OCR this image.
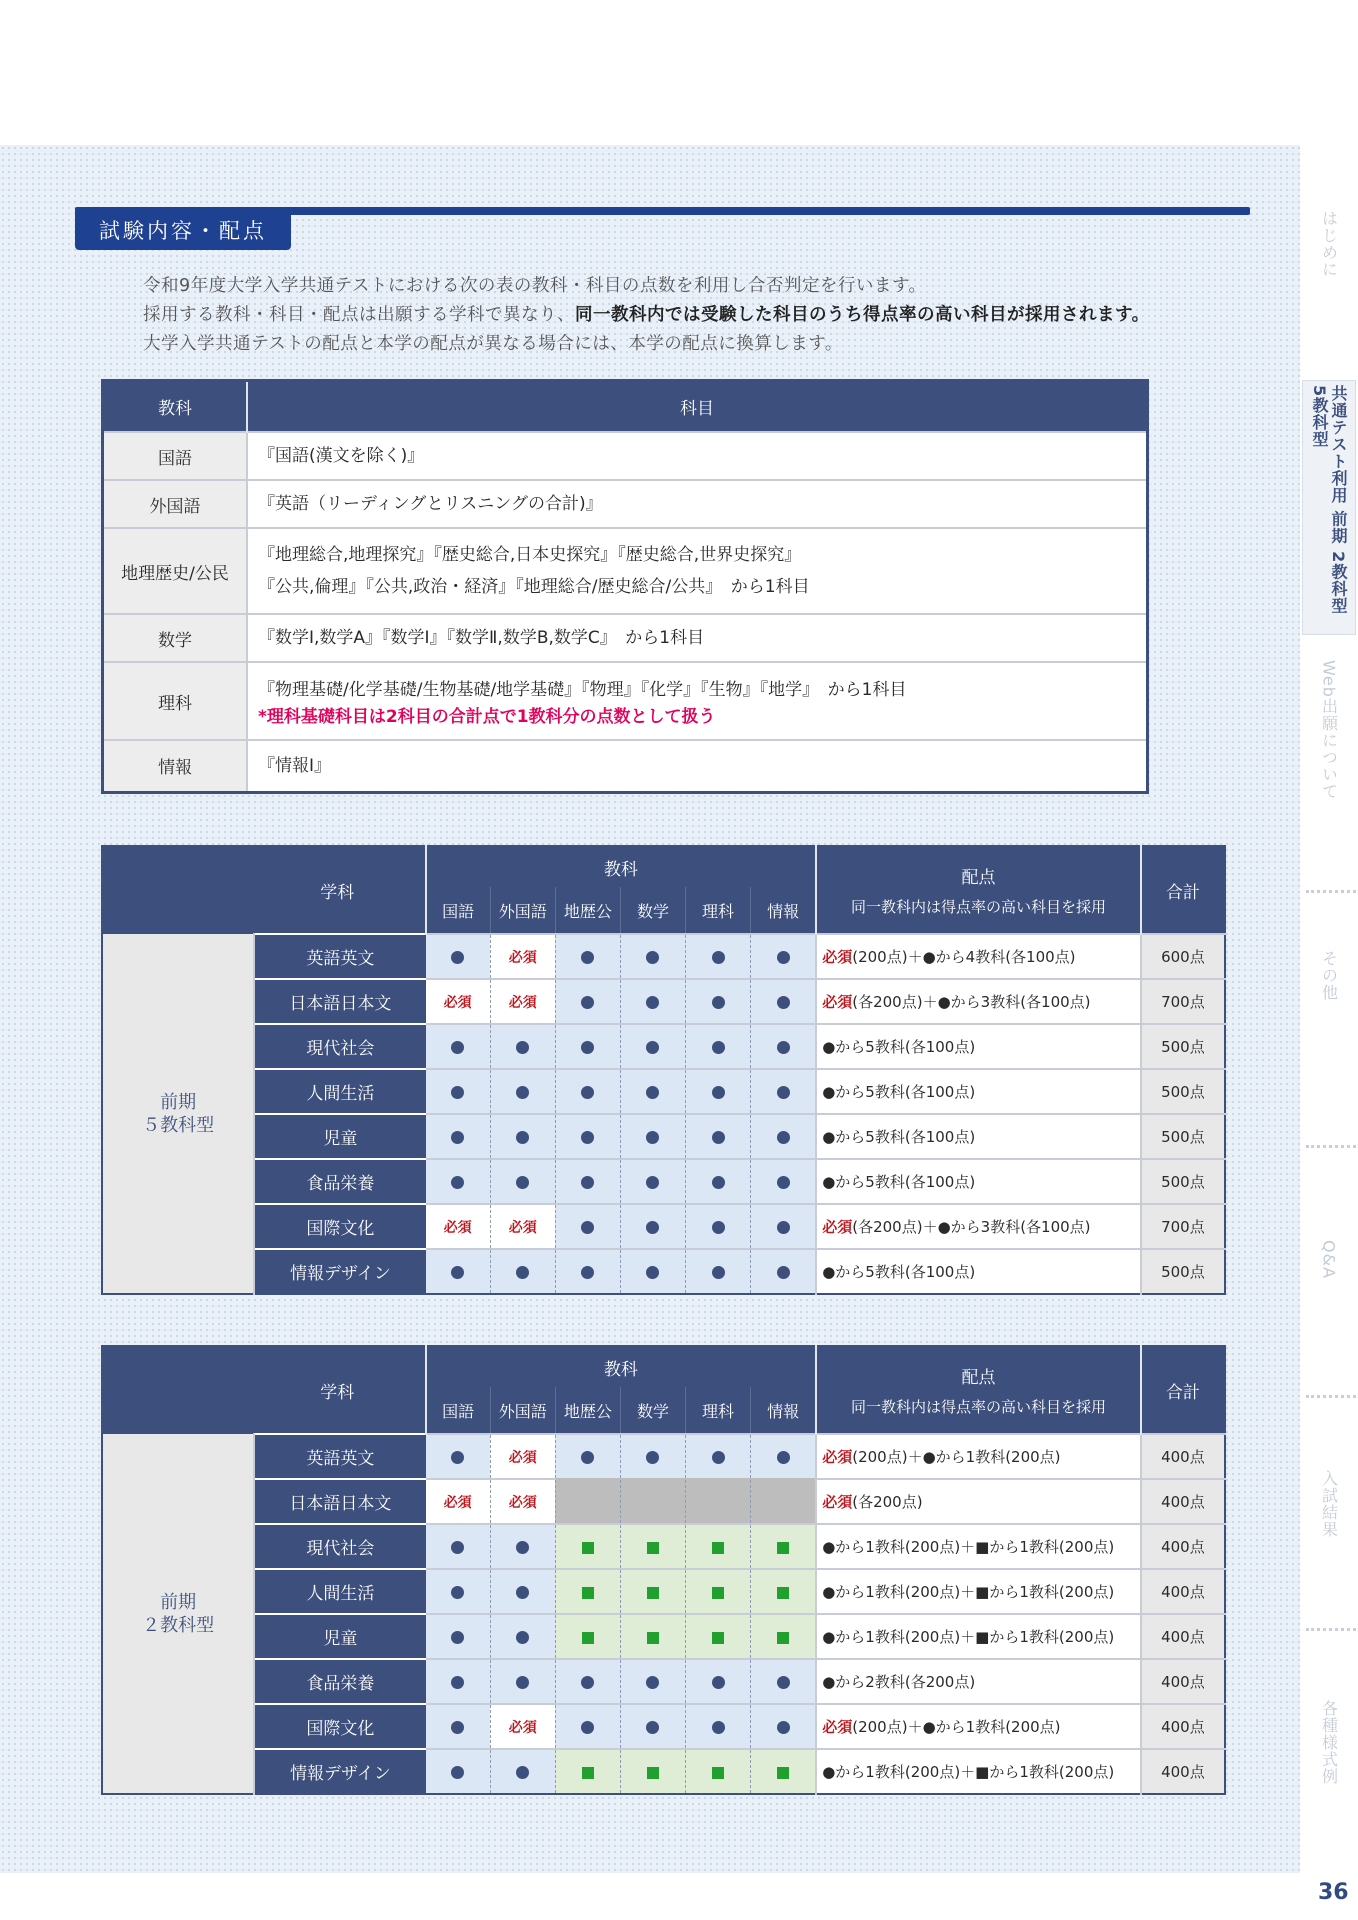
はじめに
共通テスト利用 前期 2教科型 5教科型
Web出願について
その他
Q&A
入試結果
各種様式例
36
試験内容・配点
令和9年度大学入学共通テストにおける次の表の教科・科目の点数を利用し合否判定を行います。
採用する教科・科目・配点は出願する学科で異なり、同一教科内では受験した科目のうち得点率の高い科目が採用されます。
大学入学共通テストの配点と本学の配点が異なる場合には、本学の配点に換算します。
教科	科目
国語	『国語(漢文を除く)』

外国語	『英語（リーディングとリスニングの合計)』

地理歴史/公民	『地理総合,地理探究』『歴史総合,日本史探究』『歴史総合,世界史探究』
『公共,倫理』『公共,政治・経済』『地理総合/歴史総合/公共』　から1科目

数学	『数学Ⅰ,数学A』『数学Ⅰ』『数学Ⅱ,数学B,数学C』　から1科目

理科	『物理基礎/化学基礎/生物基礎/地学基礎』『物理』『化学』『生物』『地学』　から1科目
*理科基礎科目は2科目の合計点で1教科分の点数として扱う

情報	『情報Ⅰ』
学科		教科						配点
同一教科内は得点率の高い科目を採用	合計
		国語	外国語	地歴公	数学	理科	情報		

前期
５教科型	英語英文		必須					必須(200点)＋●から4教科(各100点)	600点
	日本語日本文	必須	必須					必須(各200点)＋●から3教科(各100点)	700点
	現代社会							●から5教科(各100点)	500点
	人間生活							●から5教科(各100点)	500点
	児童							●から5教科(各100点)	500点
	食品栄養							●から5教科(各100点)	500点
	国際文化	必須	必須					必須(各200点)＋●から3教科(各100点)	700点
	情報デザイン							●から5教科(各100点)	500点
学科		教科						配点
同一教科内は得点率の高い科目を採用	合計
		国語	外国語	地歴公	数学	理科	情報		

前期
２教科型	英語英文		必須					必須(200点)＋●から1教科(200点)	400点
	日本語日本文	必須	必須					必須(各200点)	400点
	現代社会							●から1教科(200点)＋■から1教科(200点)	400点
	人間生活							●から1教科(200点)＋■から1教科(200点)	400点
	児童							●から1教科(200点)＋■から1教科(200点)	400点
	食品栄養							●から2教科(各200点)	400点
	国際文化		必須					必須(200点)＋●から1教科(200点)	400点
	情報デザイン							●から1教科(200点)＋■から1教科(200点)	400点
